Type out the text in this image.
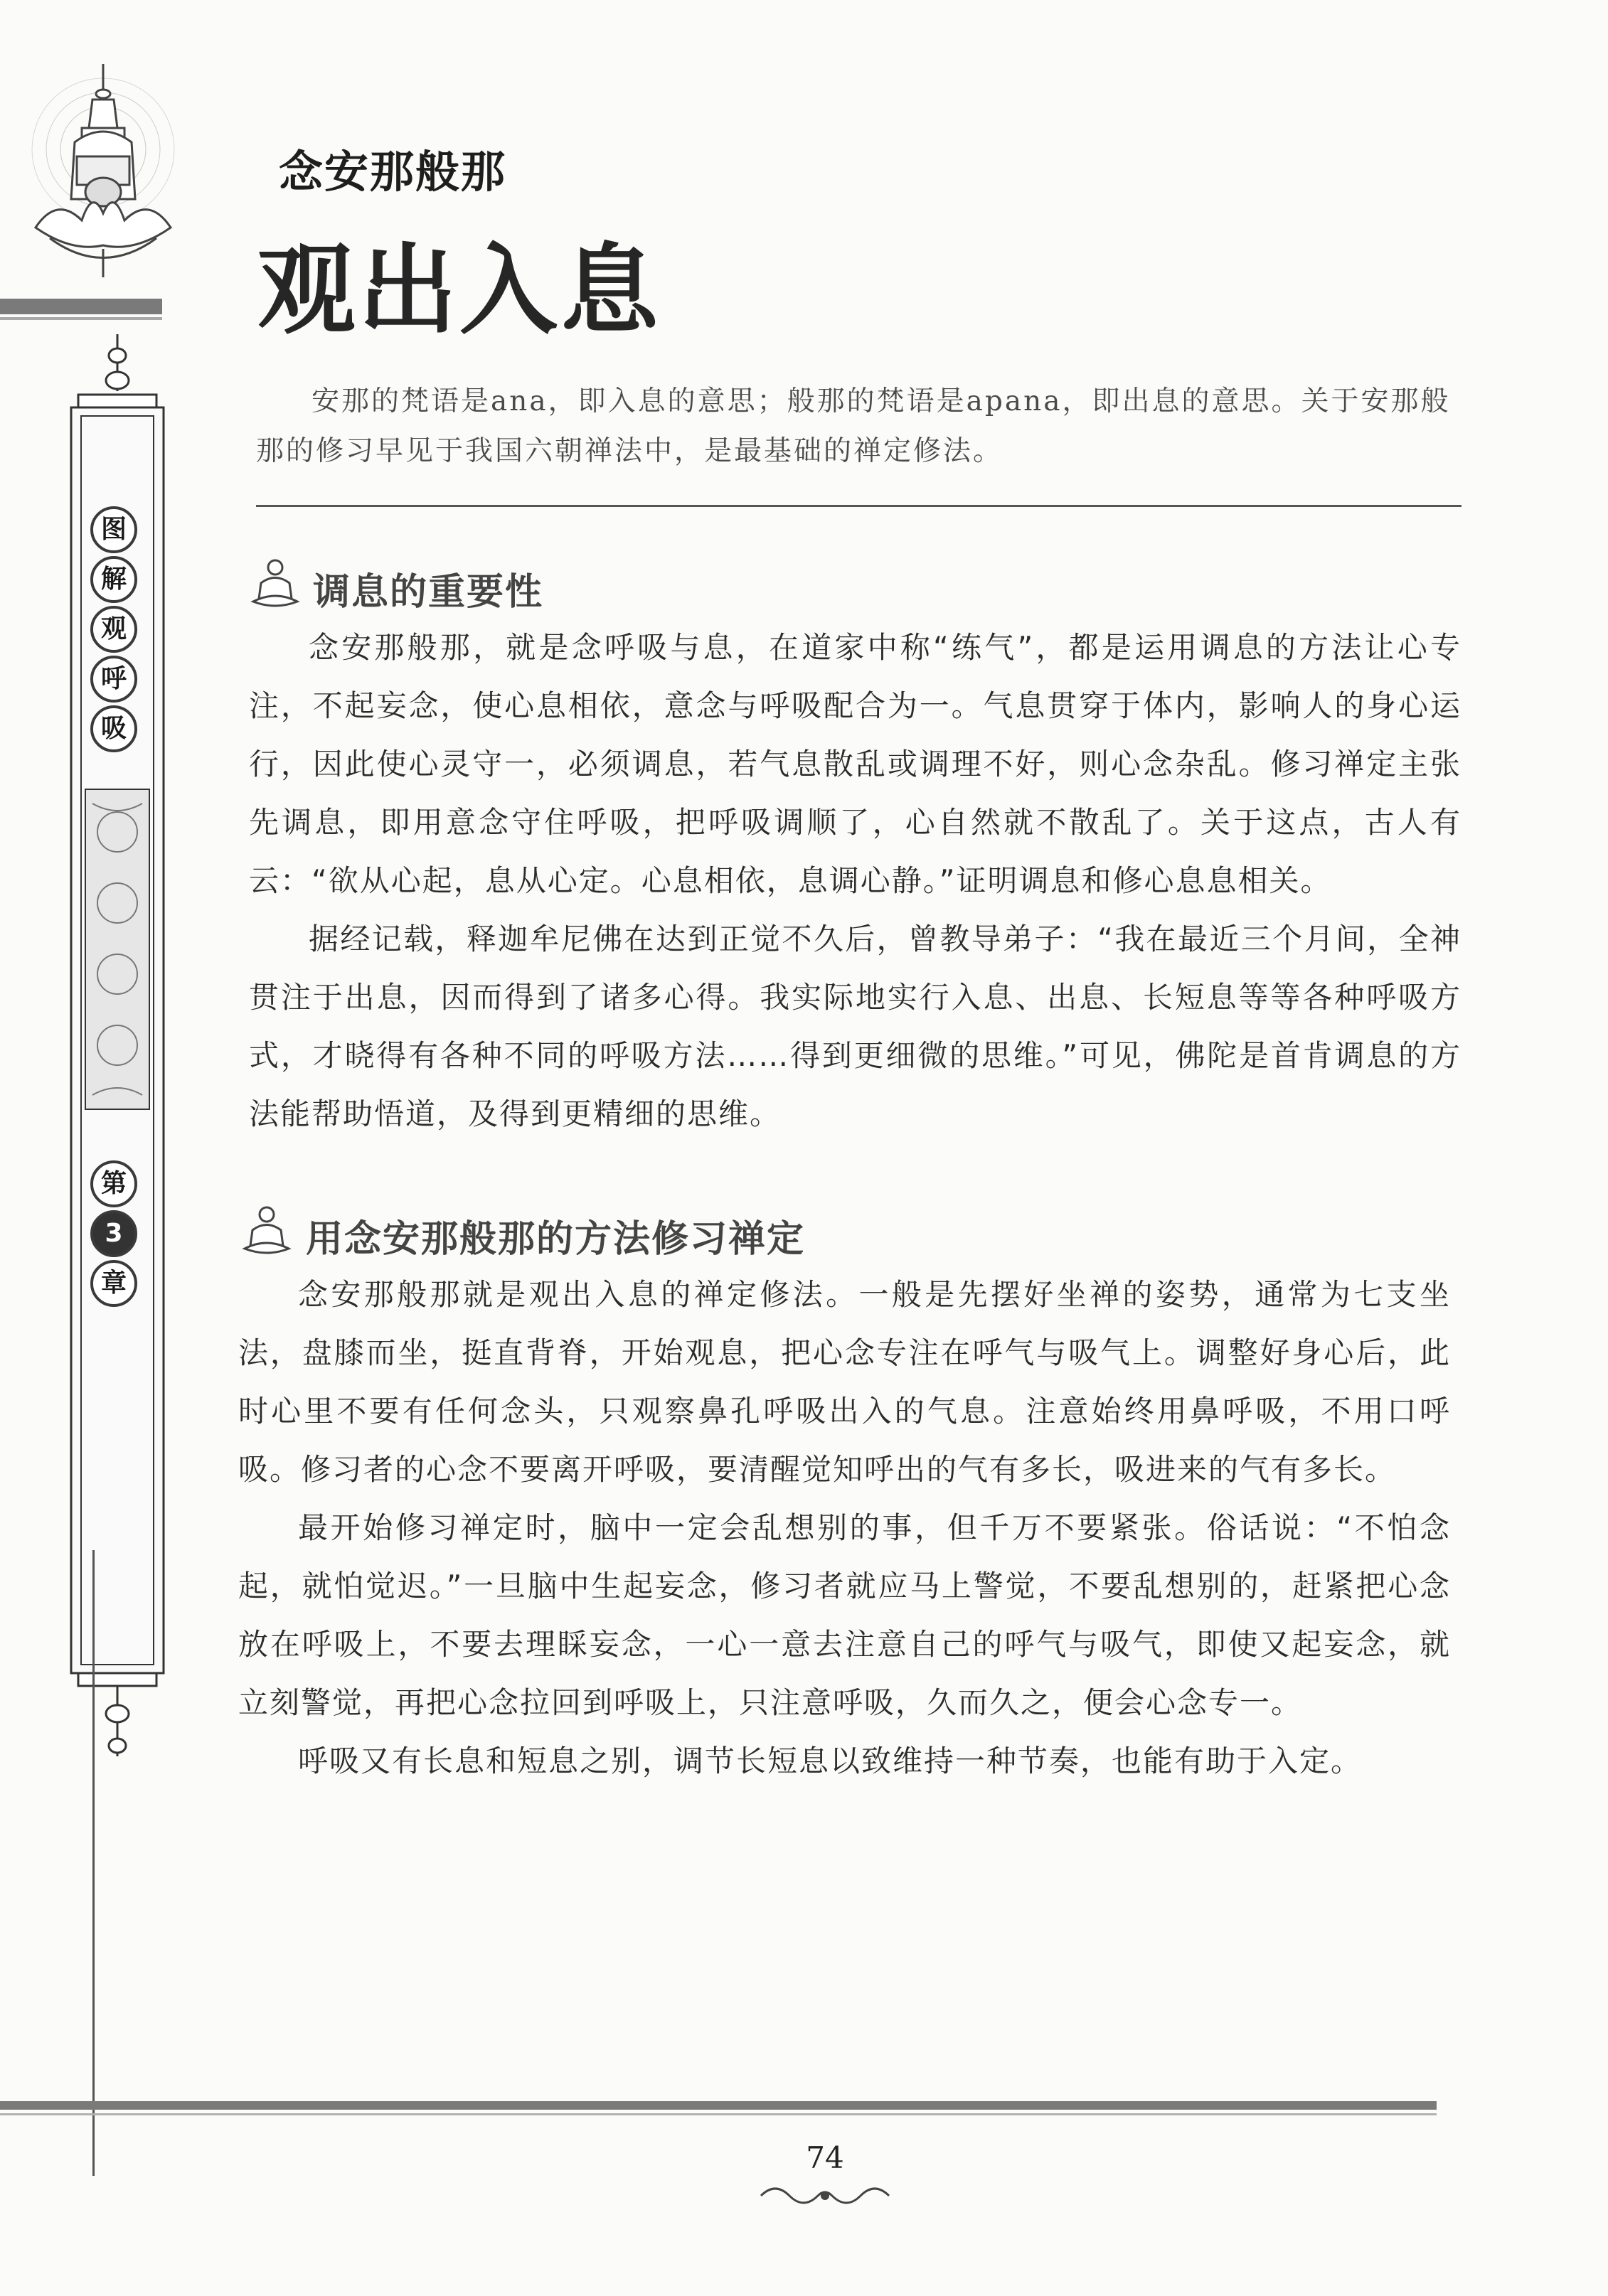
念安那般那
观出入息
安那的梵语是ana，即入息的意思；般那的梵语是apana，即出息的意思。关于安那般那的修习早见于我国六朝禅法中，是最基础的禅定修法。
图
解
观
呼
吸
第
3
章
调息的重要性

念安那般那，就是念呼吸与息，在道家中称“练气”，都是运用调息的方法让心专注，不起妄念，使心息相依，意念与呼吸配合为一。气息贯穿于体内，影响人的身心运行，因此使心灵守一，必须调息，若气息散乱或调理不好，则心念杂乱。修习禅定主张先调息，即用意念守住呼吸，把呼吸调顺了，心自然就不散乱了。关于这点，古人有云：“欲从心起，息从心定。心息相依，息调心静。”证明调息和修心息息相关。

据经记载，释迦牟尼佛在达到正觉不久后，曾教导弟子：“我在最近三个月间，全神贯注于出息，因而得到了诸多心得。我实际地实行入息、出息、长短息等等各种呼吸方式，才晓得有各种不同的呼吸方法……得到更细微的思维。”可见，佛陀是首肯调息的方法能帮助悟道，及得到更精细的思维。

用念安那般那的方法修习禅定

念安那般那就是观出入息的禅定修法。一般是先摆好坐禅的姿势，通常为七支坐法，盘膝而坐，挺直背脊，开始观息，把心念专注在呼气与吸气上。调整好身心后，此时心里不要有任何念头，只观察鼻孔呼吸出入的气息。注意始终用鼻呼吸，不用口呼吸。修习者的心念不要离开呼吸，要清醒觉知呼出的气有多长，吸进来的气有多长。

最开始修习禅定时，脑中一定会乱想别的事，但千万不要紧张。俗话说：“不怕念起，就怕觉迟。”一旦脑中生起妄念，修习者就应马上警觉，不要乱想别的，赶紧把心念放在呼吸上，不要去理睬妄念，一心一意去注意自己的呼气与吸气，即使又起妄念，就立刻警觉，再把心念拉回到呼吸上，只注意呼吸，久而久之，便会心念专一。

呼吸又有长息和短息之别，调节长短息以致维持一种节奏，也能有助于入定。

74
